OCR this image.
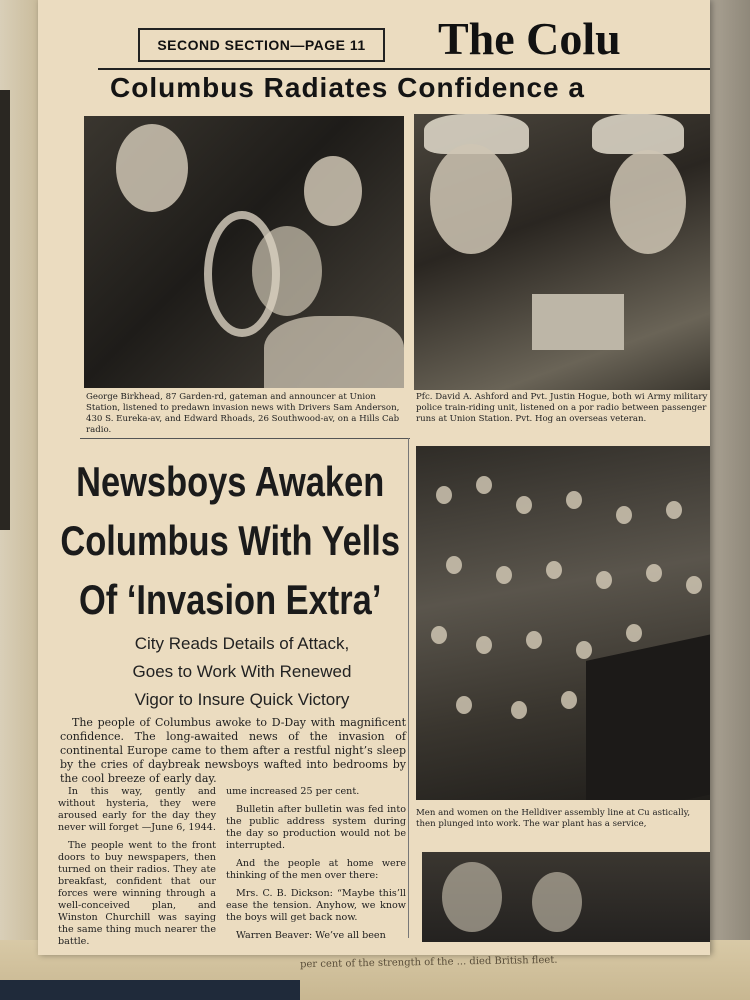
per cent of the strength of the ... died British fleet.
SECOND SECTION—PAGE 11	The Colu
Columbus Radiates Confidence a
George Birkhead, 87 Garden-rd, gateman and announcer at Union Station, listened to predawn invasion news with Drivers Sam Anderson, 430 S. Eureka-av, and Edward Rhoads, 26 Southwood-av, on a Hills Cab radio.
Pfc. David A. Ashford and Pvt. Justin Hogue, both wi Army military police train-riding unit, listened on a por radio between passenger runs at Union Station. Pvt. Hog an overseas veteran.
Men and women on the Helldiver assembly line at Cu astically, then plunged into work. The war plant has a service,
Newsboys Awaken
Columbus With Yells
Of ‘Invasion Extra’
City Reads Details of Attack,
Goes to Work With Renewed
Vigor to Insure Quick Victory
The people of Columbus awoke to D-Day with magnificent confidence. The long-awaited news of the invasion of continental Europe came to them after a restful night’s sleep by the cries of daybreak newsboys wafted into bedrooms by the cool breeze of early day.

In this way, gently and without hysteria, they were aroused early for the day they never will forget —June 6, 1944.

The people went to the front doors to buy newspapers, then turned on their radios. They ate breakfast, confident that our forces were winning through a well-conceived plan, and Winston Churchill was saying the same thing much nearer the battle.

ume increased 25 per cent.

Bulletin after bulletin was fed into the public address system during the day so production would not be interrupted.

And the people at home were thinking of the men over there:

Mrs. C. B. Dickson: “Maybe this’ll ease the tension. Anyhow, we know the boys will get back now.

Warren Beaver: We’ve all been
